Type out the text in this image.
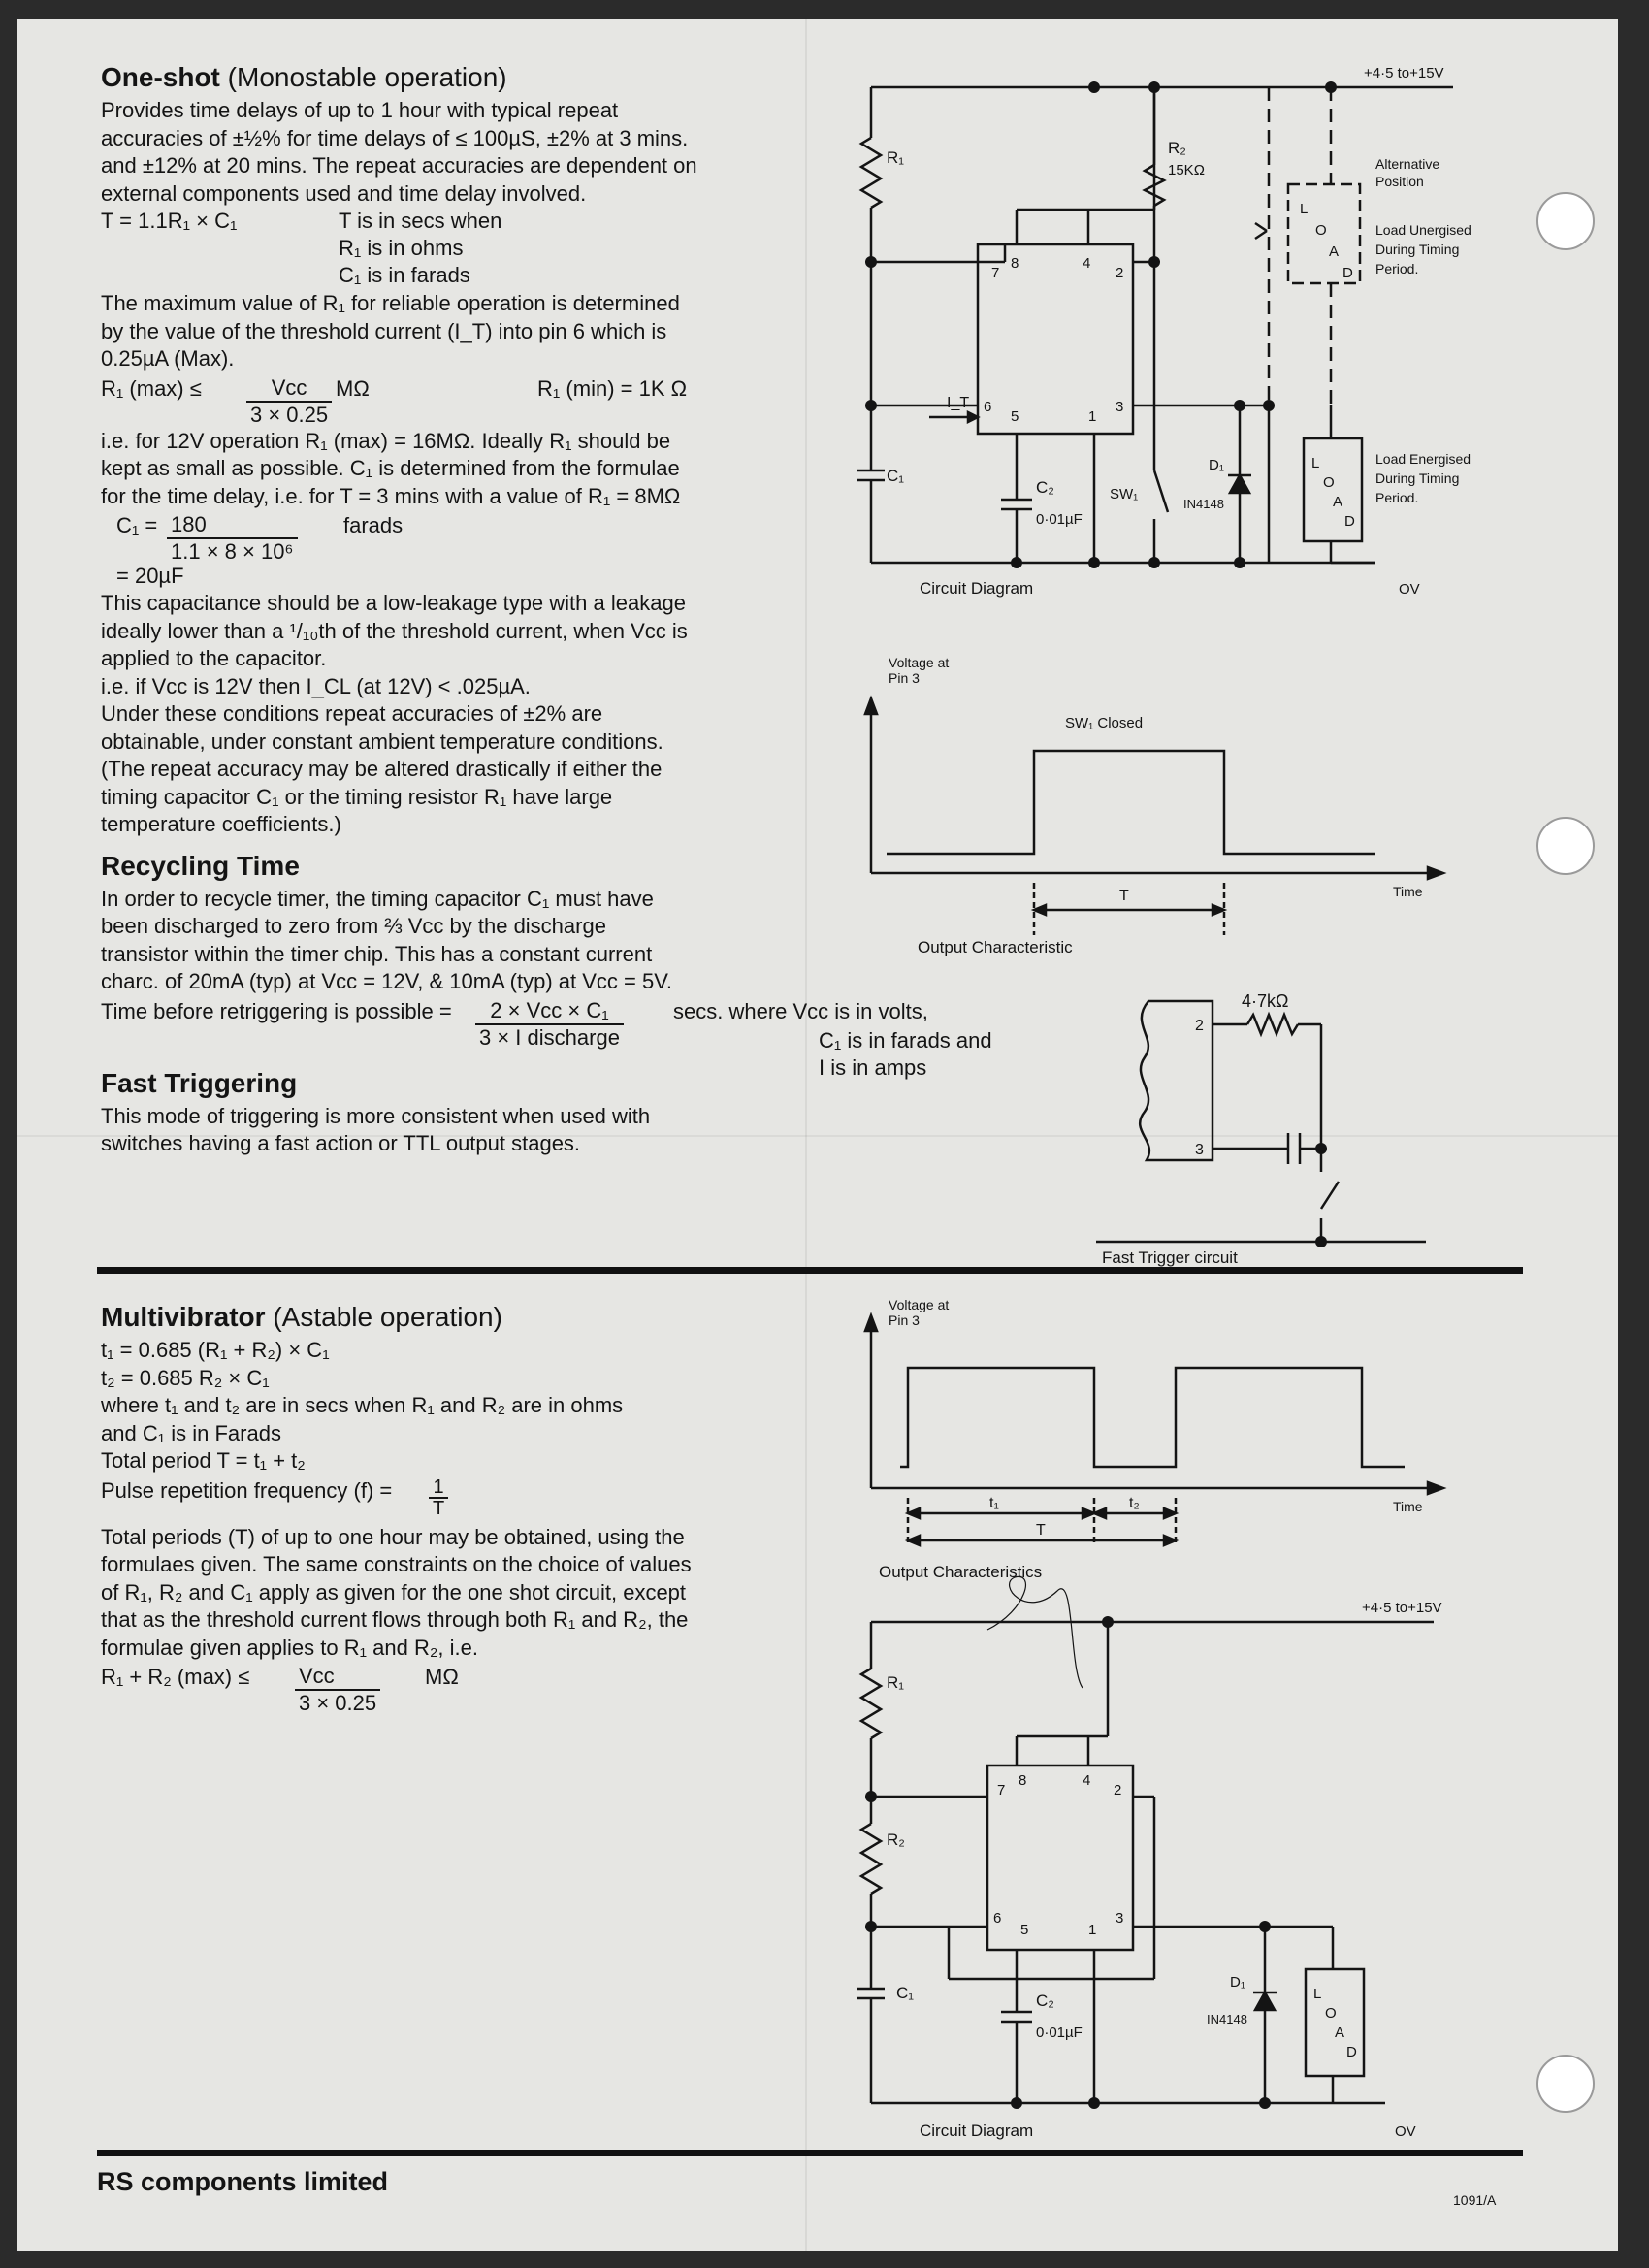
One-shot (Monostable operation)

Provides time delays of up to 1 hour with typical repeat

accuracies of ±½% for time delays of ≤ 100µS, ±2% at 3 mins.

and ±12% at 20 mins. The repeat accuracies are dependent on

external components used and time delay involved.

T = 1.1R₁ × C₁	T is in secs when
R₁ is in ohms
C₁ is in farads

The maximum value of R₁ for reliable operation is determined

by the value of the threshold current (I_T) into pin 6 which is

0.25µA (Max).

R₁ (max) ≤	Vcc
3 × 0.25
MΩ	R₁ (min) = 1K Ω

i.e. for 12V operation R₁ (max) = 16MΩ. Ideally R₁ should be

kept as small as possible. C₁ is determined from the formulae

for the time delay, i.e. for T = 3 mins with a value of R₁ = 8MΩ

$C_1 = \frac{180}{\text{1.1 × 8 × 10⁶}}$ farads
= 20µF

This capacitance should be a low-leakage type with a leakage

ideally lower than a ¹/₁₀th of the threshold current, when Vcc is

applied to the capacitor.

i.e. if Vcc is 12V then I_CL (at 12V) < .025µA.

Under these conditions repeat accuracies of ±2% are

obtainable, under constant ambient temperature conditions.

(The repeat accuracy may be altered drastically if either the

timing capacitor C₁ or the timing resistor R₁ have large

temperature coefficients.)

Recycling Time

In order to recycle timer, the timing capacitor C₁ must have

been discharged to zero from ⅔ Vcc by the discharge

transistor within the timer chip. This has a constant current

charc. of 20mA (typ) at Vcc = 12V, & 10mA (typ) at Vcc = 5V.

Time before retriggering is possible =	2 × Vcc × C₁
3 × I discharge
secs. where Vcc is in volts,
C₁ is in farads and
I is in amps
Fast Triggering

This mode of triggering is more consistent when used with

switches having a fast action or TTL output stages.

+4·5 to+15V
R₁
R₂
15KΩ	Alternative
Position
L
O
A
D
Load Unergised
During Timing
Period.
L
O
A
D
Load Energised
During Timing
Period.
7
8	4
2
6
5	1
3
I_T
C₁
C₂
0·01µF
SW₁
D₁
IN4148
Circuit Diagram	OV
Voltage at
Pin 3
SW₁ Closed
T	Time
Output Characteristic
4·7kΩ
2
3
Fast Trigger circuit
Voltage at
Pin 3
t₁	t₂
T
Time
Output Characteristics
+4·5 to+15V
R₁
R₂
7
8	4
2
6
5	1
3
C₁	C₂
0·01µF
D₁
IN4148
L
O
A
D
Circuit Diagram	OV
Multivibrator (Astable operation)

t₁ = 0.685 (R₁ + R₂) × C₁

t₂ = 0.685 R₂ × C₁

where t₁ and t₂ are in secs when R₁ and R₂ are in ohms

and C₁ is in Farads

Total period T = t₁ + t₂

Pulse repetition frequency $(f) = \frac{1}{T}$

Total periods (T) of up to one hour may be obtained, using the

formulaes given. The same constraints on the choice of values

of R₁, R₂ and C₁ apply as given for the one shot circuit, except

that as the threshold current flows through both R₁ and R₂, the

formulae given applies to R₁ and R₂, i.e.

R₁ + R₂ (max) ≤ Vcc
3 × 0.25
MΩ
RS components limited
1091/A
